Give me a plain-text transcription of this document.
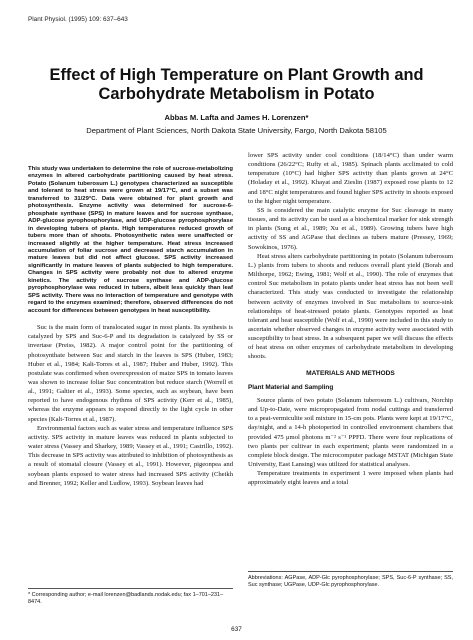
Plant Physiol. (1995) 109: 637–643
Effect of High Temperature on Plant Growth and Carbohydrate Metabolism in Potato
Abbas M. Lafta and James H. Lorenzen*
Department of Plant Sciences, North Dakota State University, Fargo, North Dakota 58105

This study was undertaken to determine the role of sucrose-metabolizing enzymes in altered carbohydrate partitioning caused by heat stress. Potato (Solanum tuberosum L.) genotypes characterized as susceptible and tolerant to heat stress were grown at 19/17°C, and a subset was transferred to 31/29°C. Data were obtained for plant growth and photosynthesis. Enzyme activity was determined for sucrose-6-phosphate synthase (SPS) in mature leaves and for sucrose synthase, ADP-glucose pyrophosphorylase, and UDP-glucose pyrophosphorylase in developing tubers of plants. High temperatures reduced growth of tubers more than of shoots. Photosynthetic rates were unaffected or increased slightly at the higher temperature. Heat stress increased accumulation of foliar sucrose and decreased starch accumulation in mature leaves but did not affect glucose. SPS activity increased significantly in mature leaves of plants subjected to high temperature. Changes in SPS activity were probably not due to altered enzyme kinetics. The activity of sucrose synthase and ADP-glucose pyrophosphorylase was reduced in tubers, albeit less quickly than leaf SPS activity. There was no interaction of temperature and genotype with regard to the enzymes examined; therefore, observed differences do not account for differences between genotypes in heat susceptibility.

Suc is the main form of translocated sugar in most plants. Its synthesis is catalyzed by SPS and Suc-6-P and its degradation is catalyzed by SS or invertase (Preiss, 1982). A major control point for the partitioning of photosynthate between Suc and starch in the leaves is SPS (Huber, 1983; Huber et al., 1984; Kalt-Torres et al., 1987; Huber and Huber, 1992). This postulate was confirmed when overexpression of maize SPS in tomato leaves was shown to increase foliar Suc concentration but reduce starch (Worrell et al., 1991; Galtier et al., 1993). Some species, such as soybean, have been reported to have endogenous rhythms of SPS activity (Kerr et al., 1985), whereas the enzyme appears to respond directly to the light cycle in other species (Kalt-Torres et al., 1987).

Environmental factors such as water stress and temperature influence SPS activity. SPS activity in mature leaves was reduced in plants subjected to water stress (Vassey and Sharkey, 1989; Vassey et al., 1991; Castrillo, 1992). This decrease in SPS activity was attributed to inhibition of photosynthesis as a result of stomatal closure (Vassey et al., 1991). However, pigeonpea and soybean plants exposed to water stress had increased SPS activity (Cheikh and Brenner, 1992; Keller and Ludlow, 1993). Soybean leaves had

lower SPS activity under cool conditions (18/14°C) than under warm conditions (26/22°C; Rufty et al., 1985). Spinach plants acclimated to cold temperature (10°C) had higher SPS activity than plants grown at 24°C (Holaday et al., 1992). Khayat and Zieslin (1987) exposed rose plants to 12 and 18°C night temperatures and found higher SPS activity in shoots exposed to the higher night temperature.

SS is considered the main catalytic enzyme for Suc cleavage in many tissues, and its activity can be used as a biochemical marker for sink strength in plants (Sung et al., 1989; Xu et al., 1989). Growing tubers have high activity of SS and AGPase that declines as tubers mature (Pressey, 1969; Sowokinos, 1976).

Heat stress alters carbohydrate partitioning in potato (Solanum tuberosum L.) plants from tubers to shoots and reduces overall plant yield (Borah and Milthorpe, 1962; Ewing, 1981; Wolf et al., 1990). The role of enzymes that control Suc metabolism in potato plants under heat stress has not been well characterized. This study was conducted to investigate the relationship between activity of enzymes involved in Suc metabolism to source-sink relationships of heat-stressed potato plants. Genotypes reported as heat tolerant and heat susceptible (Wolf et al., 1990) were included in this study to ascertain whether observed changes in enzyme activity were associated with susceptibility to heat stress. In a subsequent paper we will discuss the effects of heat stress on other enzymes of carbohydrate metabolism in developing shoots.

MATERIALS AND METHODS
Plant Material and Sampling

Source plants of two potato (Solanum tuberosum L.) cultivars, Norchip and Up-to-Date, were micropropagated from nodal cuttings and transferred to a peat-vermiculite soil mixture in 15-cm pots. Plants were kept at 19/17°C, day/night, and a 14-h photoperiod in controlled environment chambers that provided 475 μmol photons m⁻² s⁻¹ PPFD. There were four replications of two plants per cultivar in each experiment; plants were randomized in a complete block design. The microcomputer package MSTAT (Michigan State University, East Lansing) was utilized for statistical analyses.

Temperature treatments in experiment 1 were imposed when plants had approximately eight leaves and a total

* Corresponding author; e-mail lorenzen@badlands.nodak.edu; fax 1–701–231–8474.
Abbreviations: AGPase, ADP-Glc pyrophosphorylase; SPS, Suc-6-P synthase; SS, Suc synthase; UGPase, UDP-Glc pyrophosphorylase.
637
